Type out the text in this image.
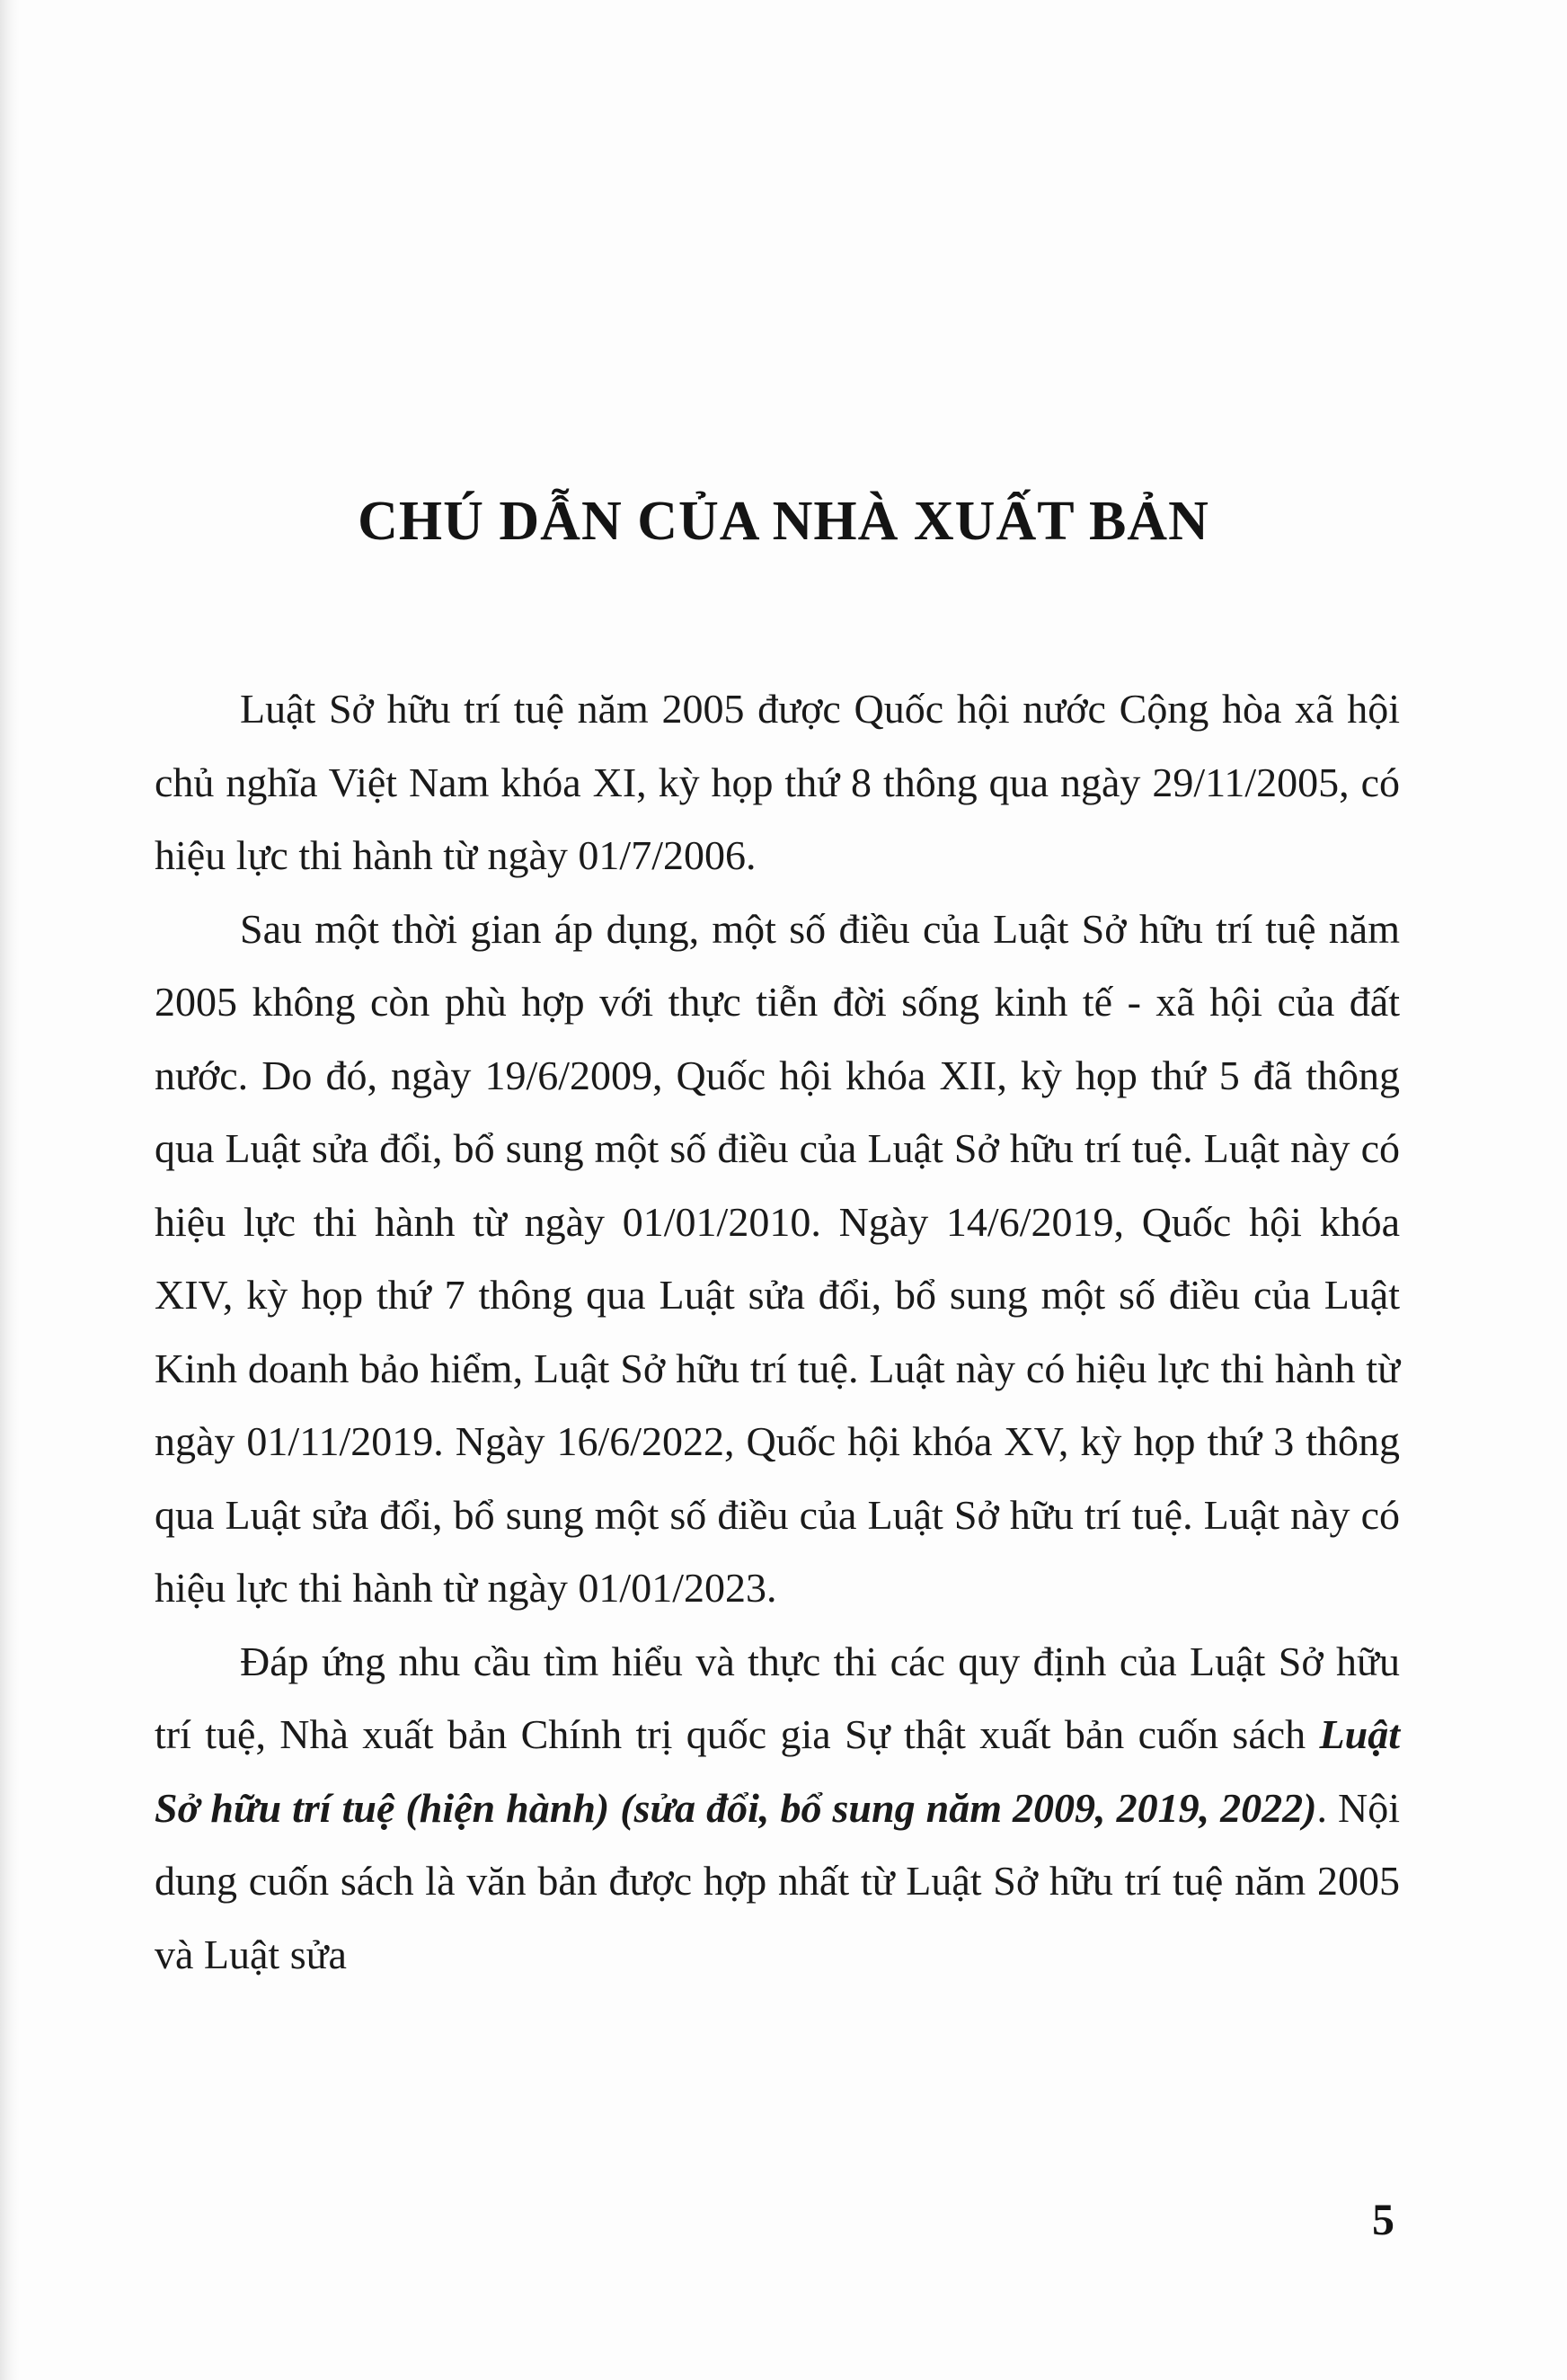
CHÚ DẪN CỦA NHÀ XUẤT BẢN

Luật Sở hữu trí tuệ năm 2005 được Quốc hội nước Cộng hòa xã hội chủ nghĩa Việt Nam khóa XI, kỳ họp thứ 8 thông qua ngày 29/11/2005, có hiệu lực thi hành từ ngày 01/7/2006.

Sau một thời gian áp dụng, một số điều của Luật Sở hữu trí tuệ năm 2005 không còn phù hợp với thực tiễn đời sống kinh tế - xã hội của đất nước. Do đó, ngày 19/6/2009, Quốc hội khóa XII, kỳ họp thứ 5 đã thông qua Luật sửa đổi, bổ sung một số điều của Luật Sở hữu trí tuệ. Luật này có hiệu lực thi hành từ ngày 01/01/2010. Ngày 14/6/2019, Quốc hội khóa XIV, kỳ họp thứ 7 thông qua Luật sửa đổi, bổ sung một số điều của Luật Kinh doanh bảo hiểm, Luật Sở hữu trí tuệ. Luật này có hiệu lực thi hành từ ngày 01/11/2019. Ngày 16/6/2022, Quốc hội khóa XV, kỳ họp thứ 3 thông qua Luật sửa đổi, bổ sung một số điều của Luật Sở hữu trí tuệ. Luật này có hiệu lực thi hành từ ngày 01/01/2023.

Đáp ứng nhu cầu tìm hiểu và thực thi các quy định của Luật Sở hữu trí tuệ, Nhà xuất bản Chính trị quốc gia Sự thật xuất bản cuốn sách Luật Sở hữu trí tuệ (hiện hành) (sửa đổi, bổ sung năm 2009, 2019, 2022). Nội dung cuốn sách là văn bản được hợp nhất từ Luật Sở hữu trí tuệ năm 2005 và Luật sửa

5
